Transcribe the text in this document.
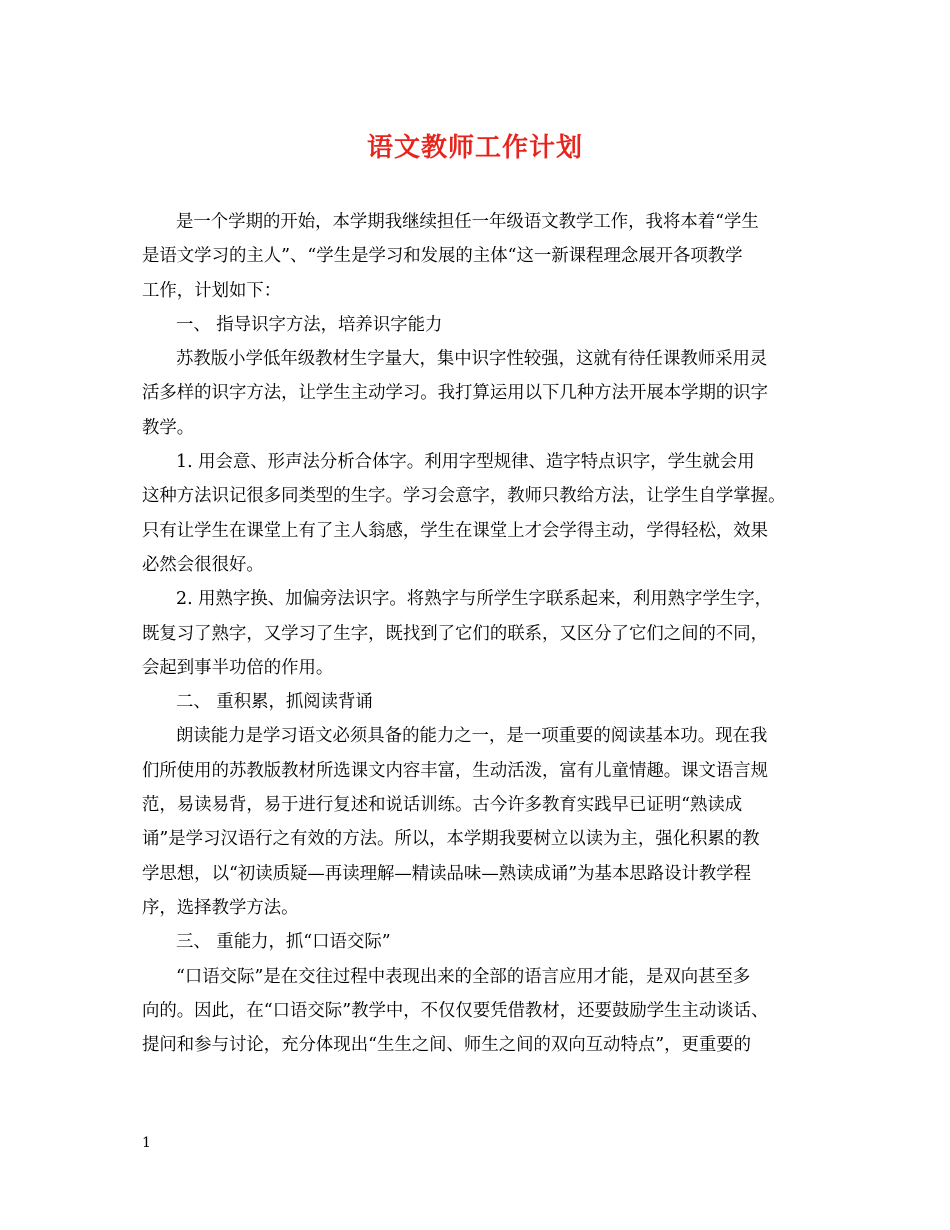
语文教师工作计划
是一个学期的开始，本学期我继续担任一年级语文教学工作，我将本着“学生
是语文学习的主人”、“学生是学习和发展的主体“这一新课程理念展开各项教学
工作，计划如下：
一、 指导识字方法，培养识字能力
苏教版小学低年级教材生字量大，集中识字性较强，这就有待任课教师采用灵
活多样的识字方法，让学生主动学习。我打算运用以下几种方法开展本学期的识字
教学。
1. 用会意、形声法分析合体字。利用字型规律、造字特点识字，学生就会用
这种方法识记很多同类型的生字。学习会意字，教师只教给方法，让学生自学掌握。
只有让学生在课堂上有了主人翁感，学生在课堂上才会学得主动，学得轻松，效果
必然会很很好。
2. 用熟字换、加偏旁法识字。将熟字与所学生字联系起来，利用熟字学生字，
既复习了熟字，又学习了生字，既找到了它们的联系，又区分了它们之间的不同，
会起到事半功倍的作用。
二、 重积累，抓阅读背诵
朗读能力是学习语文必须具备的能力之一，是一项重要的阅读基本功。现在我
们所使用的苏教版教材所选课文内容丰富，生动活泼，富有儿童情趣。课文语言规
范，易读易背，易于进行复述和说话训练。古今许多教育实践早已证明“熟读成
诵”是学习汉语行之有效的方法。所以，本学期我要树立以读为主，强化积累的教
学思想，以“初读质疑—再读理解—精读品味—熟读成诵”为基本思路设计教学程
序，选择教学方法。
三、 重能力，抓“口语交际”
“口语交际”是在交往过程中表现出来的全部的语言应用才能，是双向甚至多
向的。因此，在“口语交际”教学中，不仅仅要凭借教材，还要鼓励学生主动谈话、
提问和参与讨论，充分体现出“生生之间、师生之间的双向互动特点”，更重要的
1
